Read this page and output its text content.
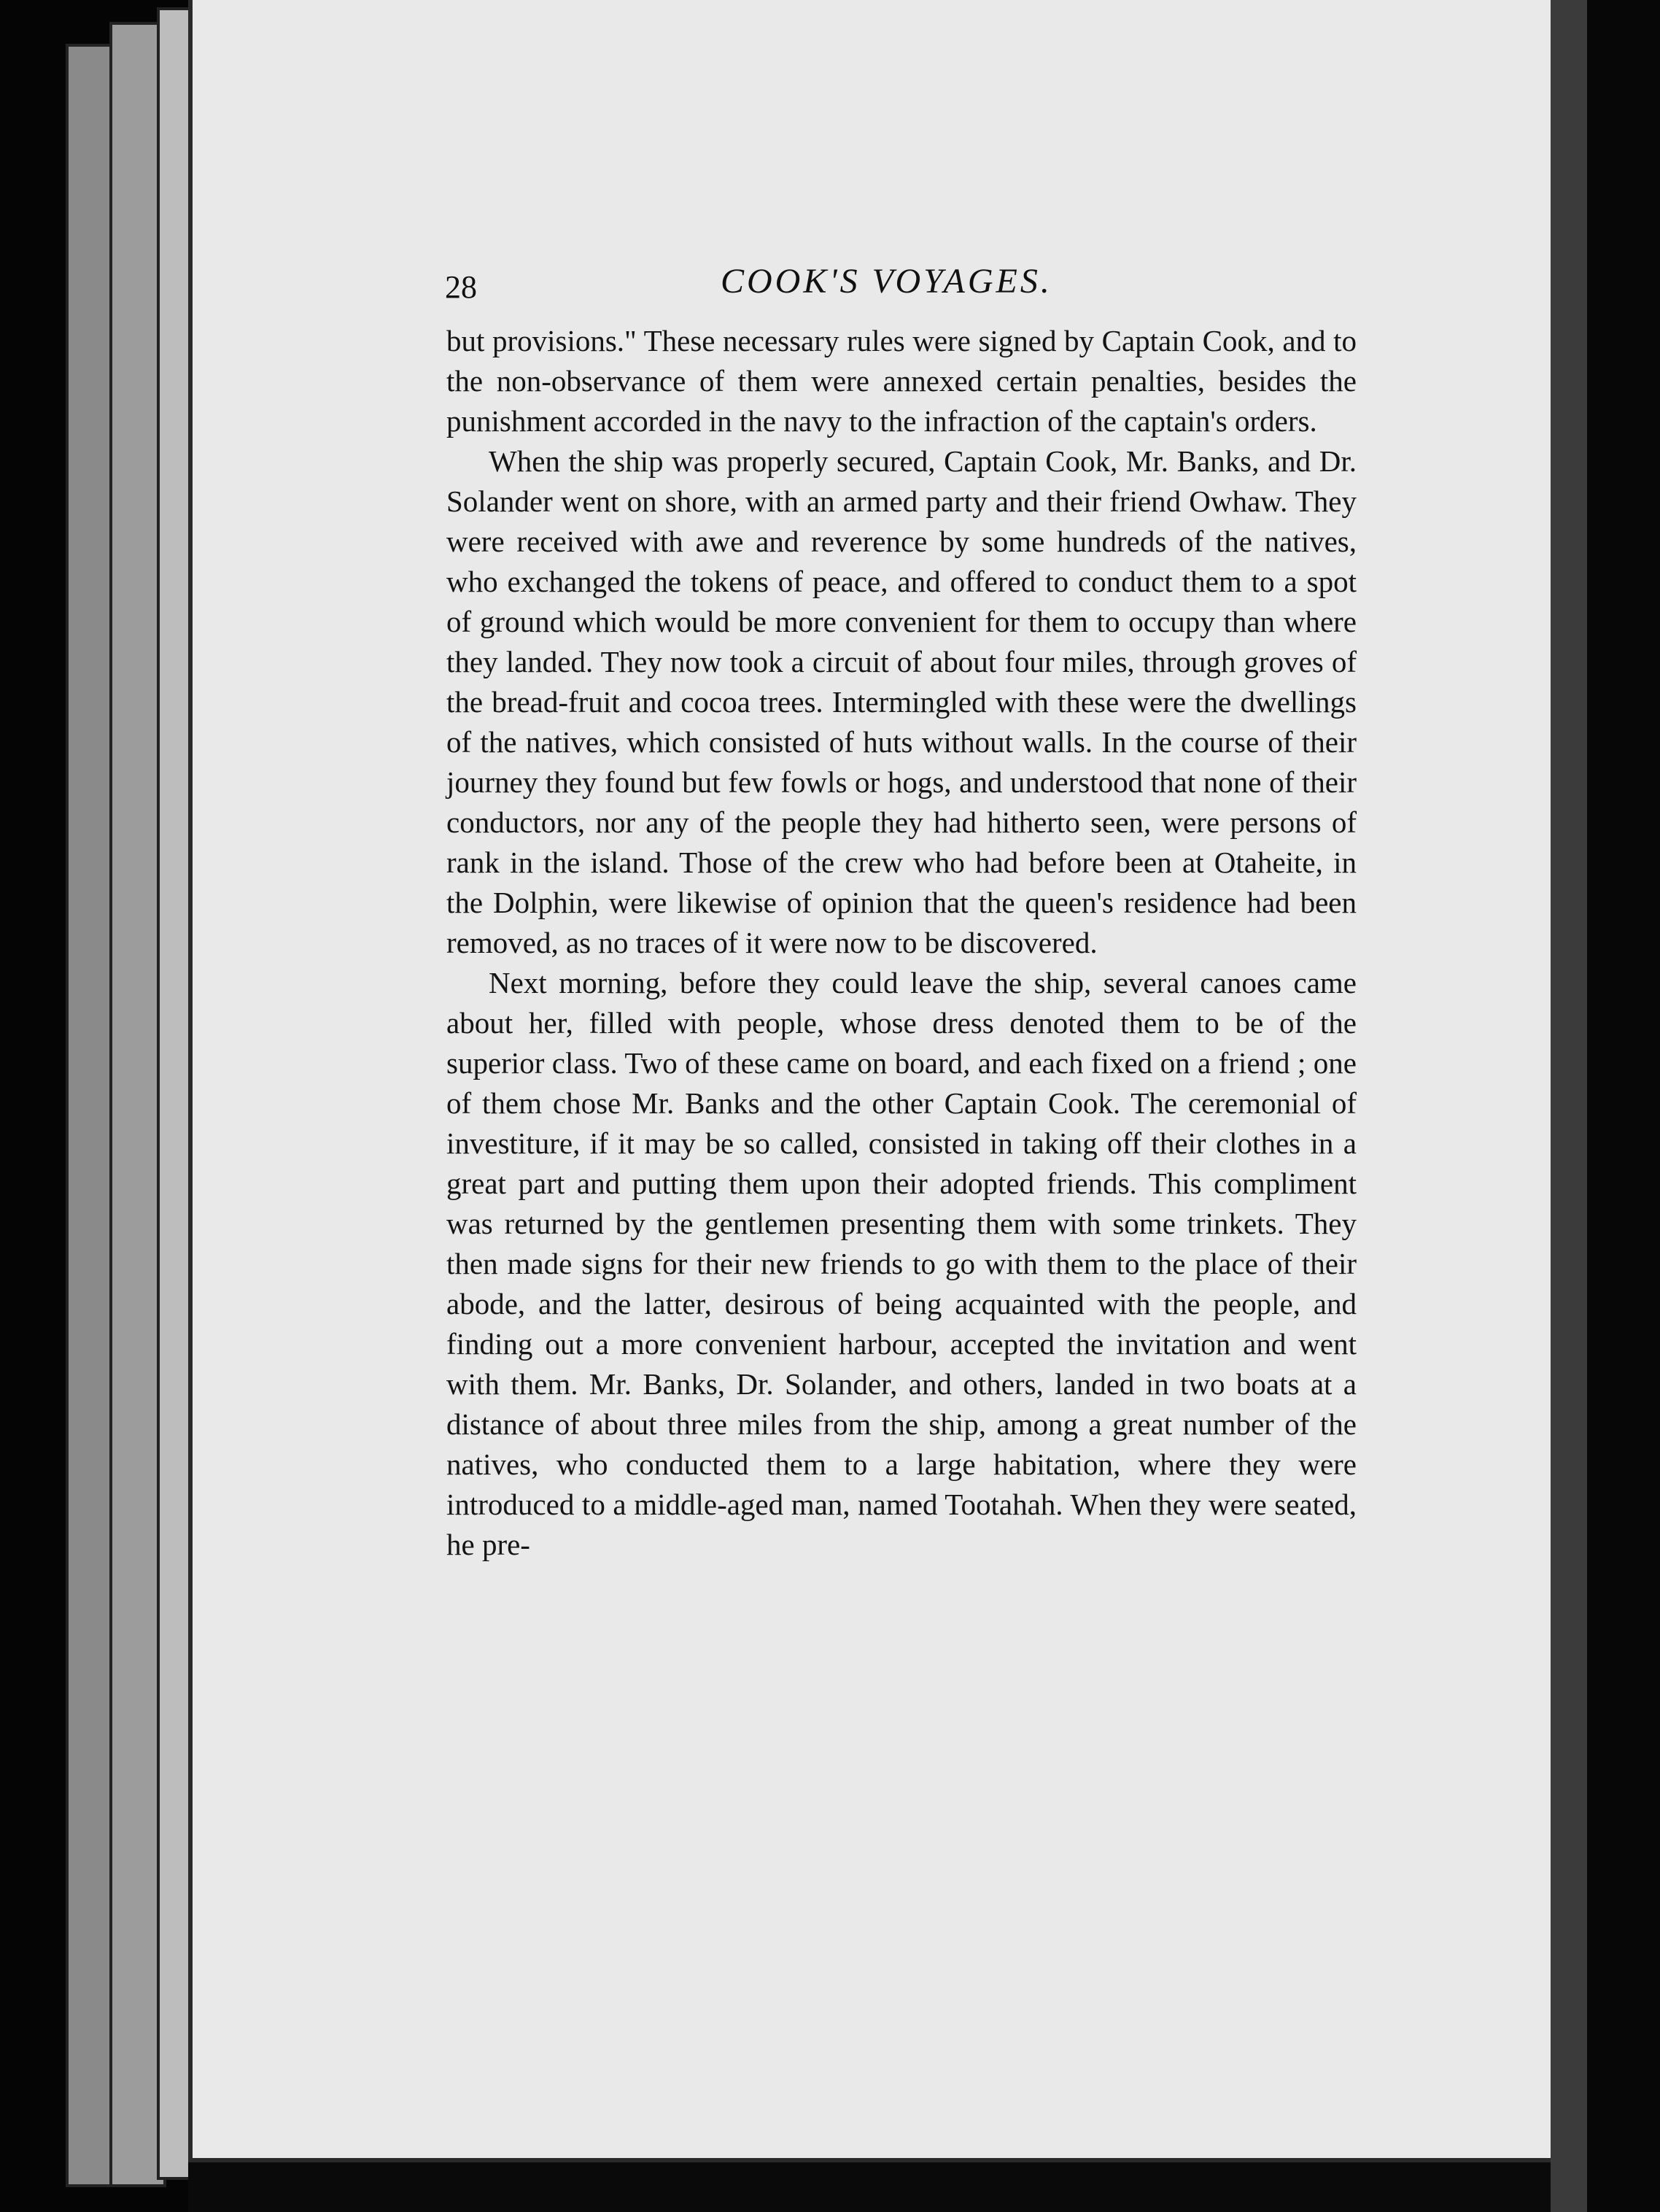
28	COOK'S VOYAGES.

but provisions." These necessary rules were signed by Captain Cook, and to the non-observance of them were annexed certain penalties, besides the punishment accorded in the navy to the infraction of the captain's orders.

When the ship was properly secured, Captain Cook, Mr. Banks, and Dr. Solander went on shore, with an armed party and their friend Owhaw. They were received with awe and reverence by some hundreds of the natives, who exchanged the tokens of peace, and offered to conduct them to a spot of ground which would be more convenient for them to occupy than where they landed. They now took a circuit of about four miles, through groves of the bread-fruit and cocoa trees. Intermingled with these were the dwellings of the natives, which consisted of huts without walls. In the course of their journey they found but few fowls or hogs, and understood that none of their conductors, nor any of the people they had hitherto seen, were persons of rank in the island. Those of the crew who had before been at Otaheite, in the Dolphin, were likewise of opinion that the queen's residence had been removed, as no traces of it were now to be discovered.

Next morning, before they could leave the ship, several canoes came about her, filled with people, whose dress denoted them to be of the superior class. Two of these came on board, and each fixed on a friend ; one of them chose Mr. Banks and the other Captain Cook. The ceremonial of investiture, if it may be so called, consisted in taking off their clothes in a great part and putting them upon their adopted friends. This compliment was returned by the gentlemen presenting them with some trinkets. They then made signs for their new friends to go with them to the place of their abode, and the latter, desirous of being acquainted with the people, and finding out a more convenient harbour, accepted the invitation and went with them. Mr. Banks, Dr. Solander, and others, landed in two boats at a distance of about three miles from the ship, among a great number of the natives, who conducted them to a large habitation, where they were introduced to a middle-aged man, named Tootahah. When they were seated, he pre-
